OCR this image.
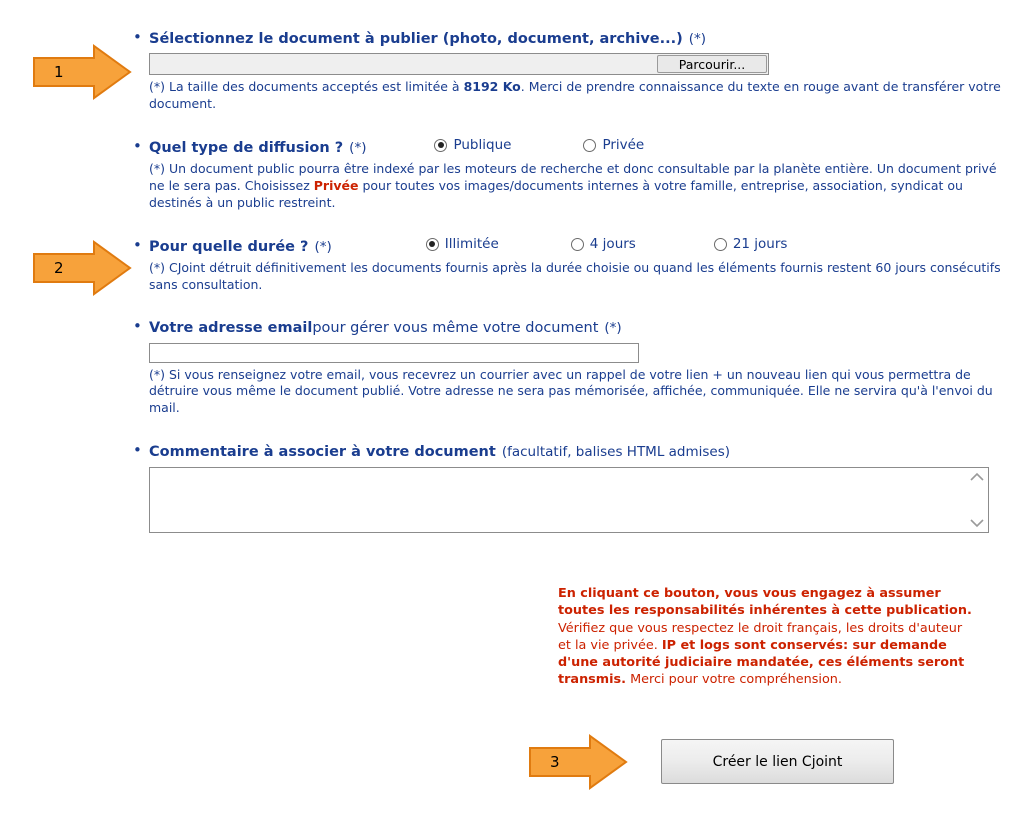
1
2
3
• Sélectionnez le document à publier (photo, document, archive...) (*)
Parcourir...
(*) La taille des documents acceptés est limitée à 8192 Ko. Merci de prendre connaissance du texte en rouge avant de transférer votre document.
• Quel type de diffusion ? (*)	Publique	Privée
(*) Un document public pourra être indexé par les moteurs de recherche et donc consultable par la planète entière. Un document privé ne le sera pas. Choisissez Privée pour toutes vos images/documents internes à votre famille, entreprise, association, syndicat ou destinés à un public restreint.
• Pour quelle durée ? (*)	Illimitée	4 jours	21 jours
(*) CJoint détruit définitivement les documents fournis après la durée choisie ou quand les éléments fournis restent 60 jours consécutifs sans consultation.
• Votre adresse email pour gérer vous même votre document (*)
(*) Si vous renseignez votre email, vous recevrez un courrier avec un rappel de votre lien + un nouveau lien qui vous permettra de détruire vous même le document publié. Votre adresse ne sera pas mémorisée, affichée, communiquée. Elle ne servira qu'à l'envoi du mail.
• Commentaire à associer à votre document (facultatif, balises HTML admises)
En cliquant ce bouton, vous vous engagez à assumer toutes les responsabilités inhérentes à cette publication. Vérifiez que vous respectez le droit français, les droits d'auteur et la vie privée. IP et logs sont conservés: sur demande d'une autorité judiciaire mandatée, ces éléments seront transmis. Merci pour votre compréhension.
Créer le lien Cjoint
